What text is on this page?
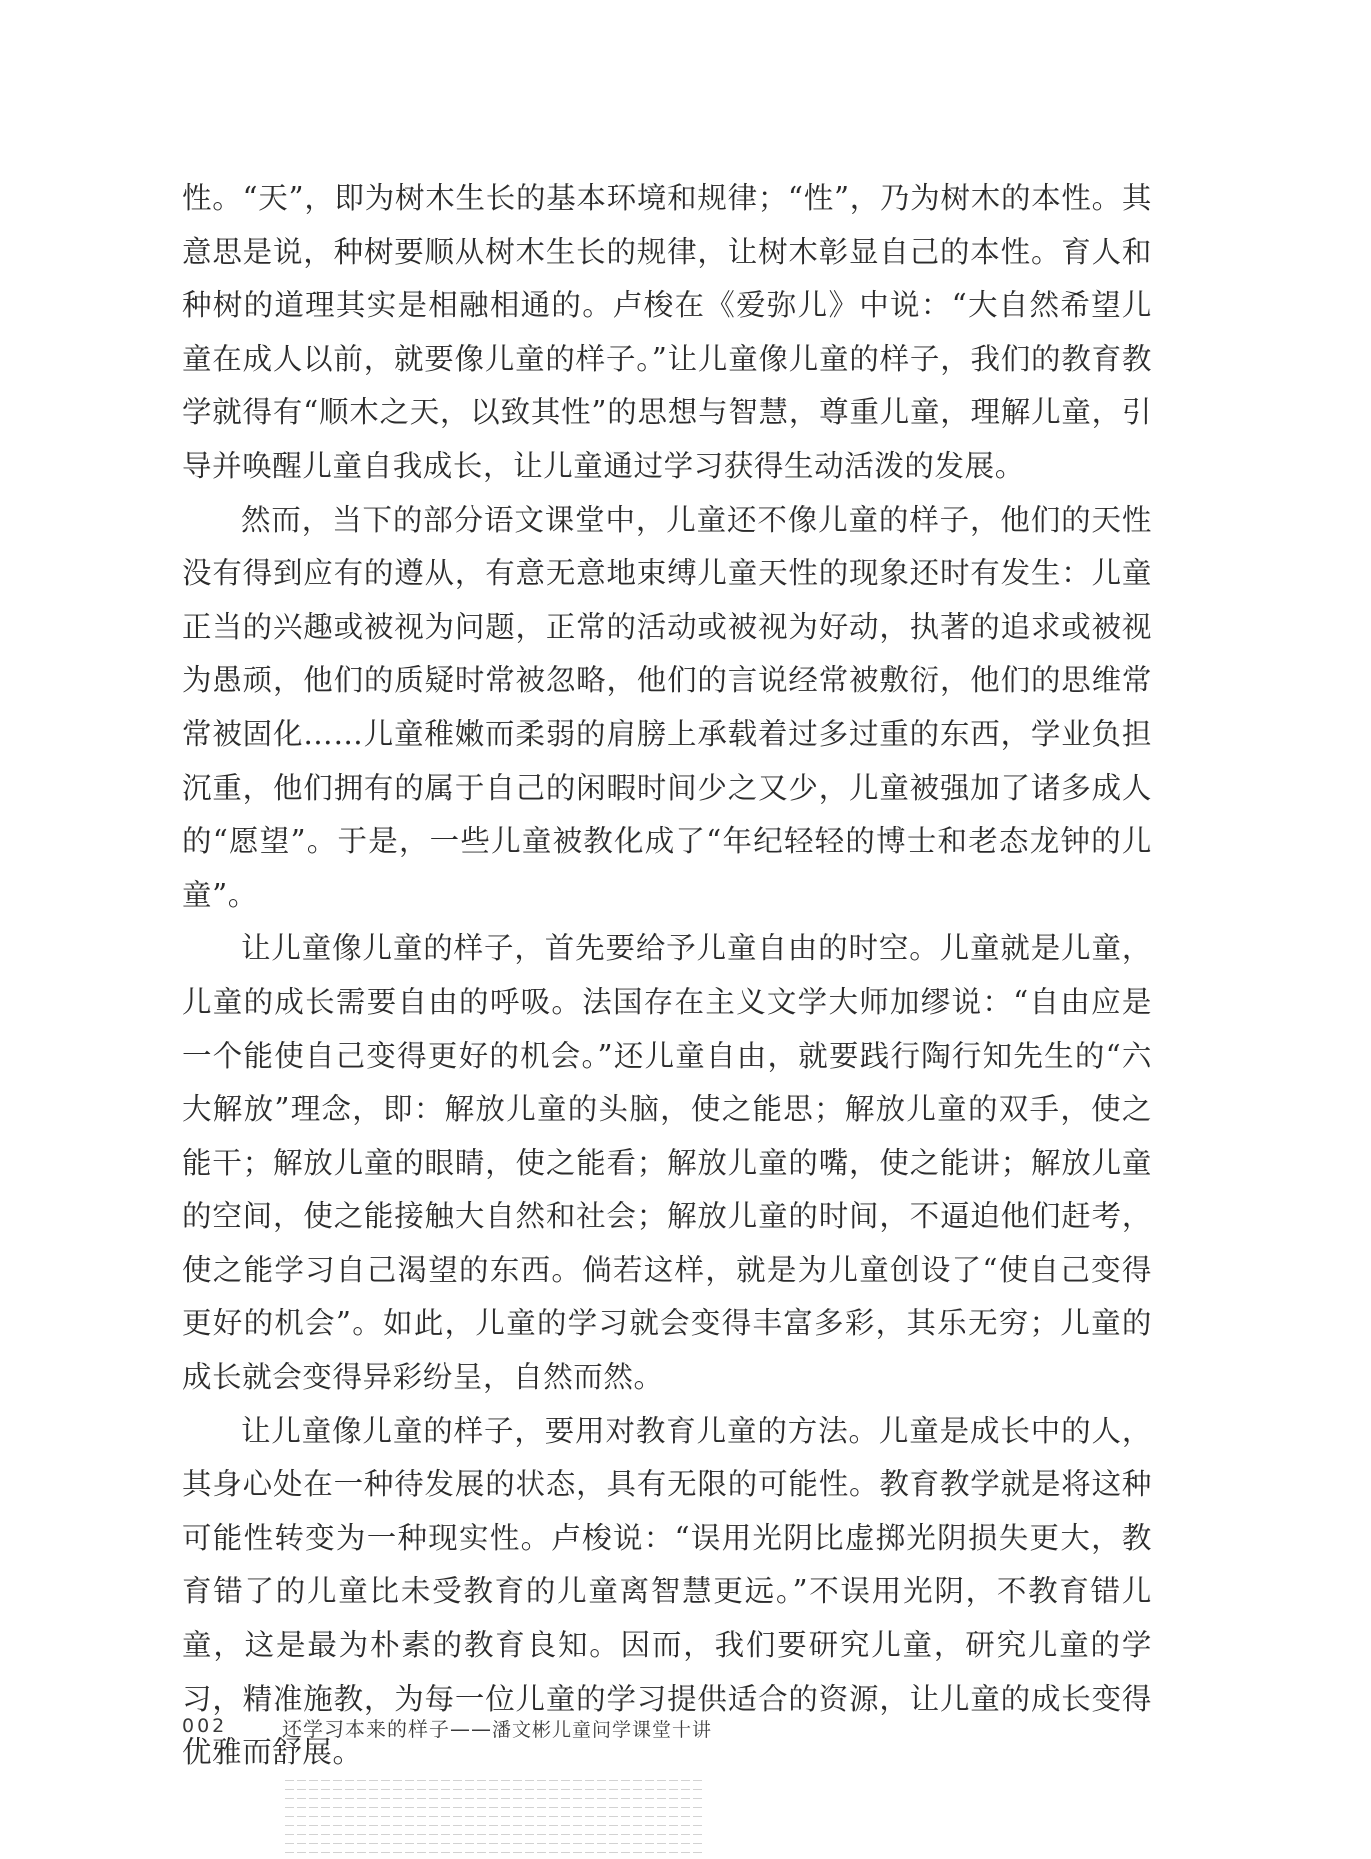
性。“天”，即为树木生长的基本环境和规律；“性”，乃为树木的本性。其意思是说，种树要顺从树木生长的规律，让树木彰显自己的本性。育人和种树的道理其实是相融相通的。卢梭在《爱弥儿》中说：“大自然希望儿童在成人以前，就要像儿童的样子。”让儿童像儿童的样子，我们的教育教学就得有“顺木之天，以致其性”的思想与智慧，尊重儿童，理解儿童，引导并唤醒儿童自我成长，让儿童通过学习获得生动活泼的发展。

然而，当下的部分语文课堂中，儿童还不像儿童的样子，他们的天性没有得到应有的遵从，有意无意地束缚儿童天性的现象还时有发生：儿童正当的兴趣或被视为问题，正常的活动或被视为好动，执著的追求或被视为愚顽，他们的质疑时常被忽略，他们的言说经常被敷衍，他们的思维常常被固化……儿童稚嫩而柔弱的肩膀上承载着过多过重的东西，学业负担沉重，他们拥有的属于自己的闲暇时间少之又少，儿童被强加了诸多成人的“愿望”。于是，一些儿童被教化成了“年纪轻轻的博士和老态龙钟的儿童”。

让儿童像儿童的样子，首先要给予儿童自由的时空。儿童就是儿童，儿童的成长需要自由的呼吸。法国存在主义文学大师加缪说：“自由应是一个能使自己变得更好的机会。”还儿童自由，就要践行陶行知先生的“六大解放”理念，即：解放儿童的头脑，使之能思；解放儿童的双手，使之能干；解放儿童的眼睛，使之能看；解放儿童的嘴，使之能讲；解放儿童的空间，使之能接触大自然和社会；解放儿童的时间，不逼迫他们赶考，使之能学习自己渴望的东西。倘若这样，就是为儿童创设了“使自己变得更好的机会”。如此，儿童的学习就会变得丰富多彩，其乐无穷；儿童的成长就会变得异彩纷呈，自然而然。

让儿童像儿童的样子，要用对教育儿童的方法。儿童是成长中的人，其身心处在一种待发展的状态，具有无限的可能性。教育教学就是将这种可能性转变为一种现实性。卢梭说：“误用光阴比虚掷光阴损失更大，教育错了的儿童比未受教育的儿童离智慧更远。”不误用光阴，不教育错儿童，这是最为朴素的教育良知。因而，我们要研究儿童，研究儿童的学习，精准施教，为每一位儿童的学习提供适合的资源，让儿童的成长变得优雅而舒展。

002	还学习本来的样子——潘文彬儿童问学课堂十讲
